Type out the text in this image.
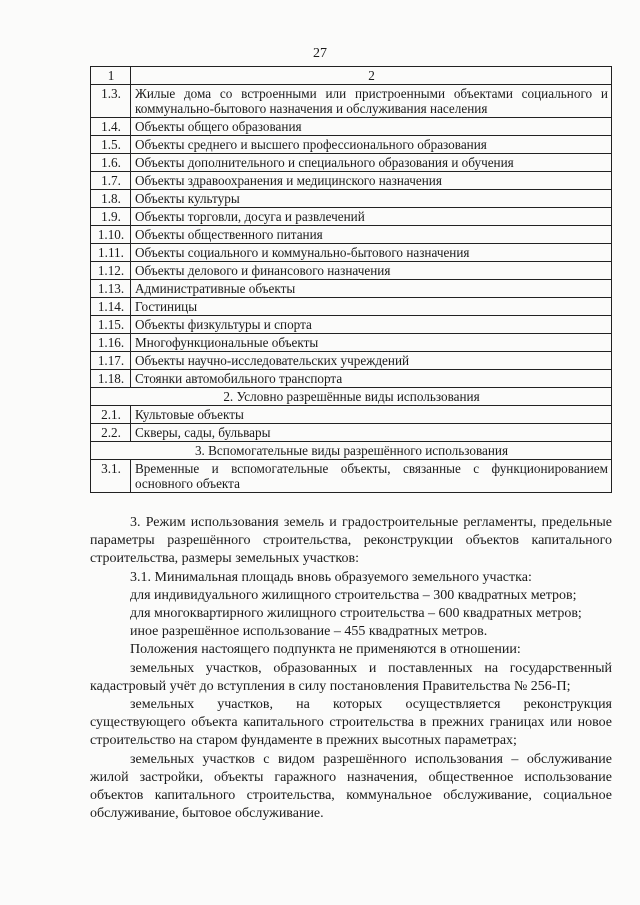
27
1	2
1.3.	Жилые дома со встроенными или пристроенными объектами социального и коммунально-бытового назначения и обслуживания населения
1.4.	Объекты общего образования
1.5.	Объекты среднего и высшего профессионального образования
1.6.	Объекты дополнительного и специального образования и обучения
1.7.	Объекты здравоохранения и медицинского назначения
1.8.	Объекты культуры
1.9.	Объекты торговли, досуга и развлечений
1.10.	Объекты общественного питания
1.11.	Объекты социального и коммунально-бытового назначения
1.12.	Объекты делового и финансового назначения
1.13.	Административные объекты
1.14.	Гостиницы
1.15.	Объекты физкультуры и спорта
1.16.	Многофункциональные объекты
1.17.	Объекты научно-исследовательских учреждений
1.18.	Стоянки автомобильного транспорта
2. Условно разрешённые виды использования	
2.1.	Культовые объекты
2.2.	Скверы, сады, бульвары
3. Вспомогательные виды разрешённого использования	
3.1.	Временные и вспомогательные объекты, связанные с функционированием основного объекта

3. Режим использования земель и градостроительные регламенты, предельные параметры разрешённого строительства, реконструкции объектов капитального строительства, размеры земельных участков:

3.1. Минимальная площадь вновь образуемого земельного участка:

для индивидуального жилищного строительства – 300 квадратных метров;

для многоквартирного жилищного строительства – 600 квадратных метров;

иное разрешённое использование – 455 квадратных метров.

Положения настоящего подпункта не применяются в отношении:

земельных участков, образованных и поставленных на государственный кадастровый учёт до вступления в силу постановления Правительства № 256-П;

земельных участков, на которых осуществляется реконструкция существующего объекта капитального строительства в прежних границах или новое строительство на старом фундаменте в прежних высотных параметрах;

земельных участков с видом разрешённого использования – обслуживание жилой застройки, объекты гаражного назначения, общественное использование объектов капитального строительства, коммунальное обслуживание, социальное обслуживание, бытовое обслуживание.
